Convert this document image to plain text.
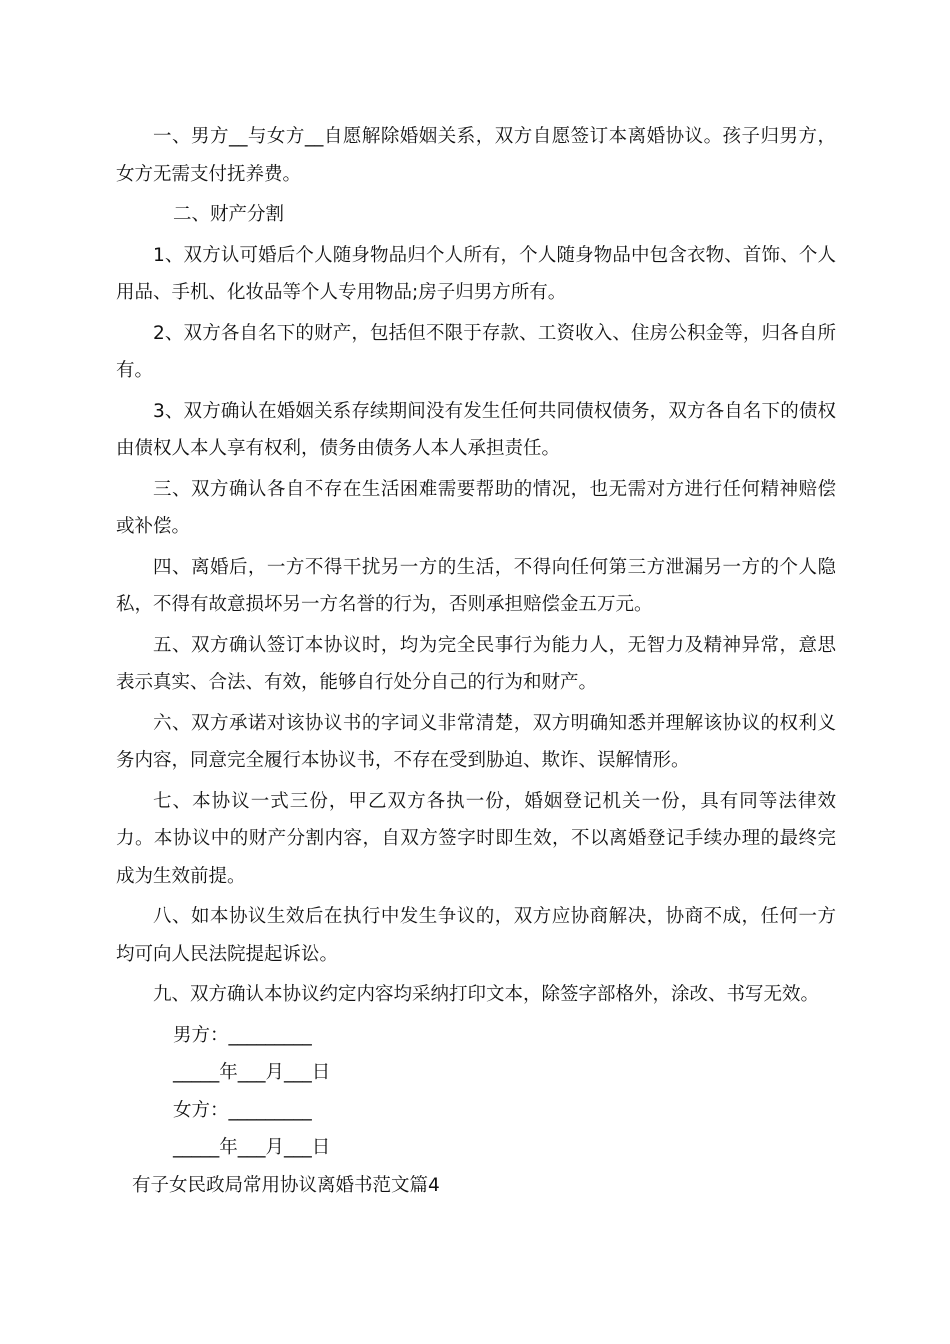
一、男方__与女方__自愿解除婚姻关系，双方自愿签订本离婚协议。孩子归男方，女方无需支付抚养费。

二、财产分割

1、双方认可婚后个人随身物品归个人所有，个人随身物品中包含衣物、首饰、个人用品、手机、化妆品等个人专用物品;房子归男方所有。

2、双方各自名下的财产，包括但不限于存款、工资收入、住房公积金等，归各自所有。

3、双方确认在婚姻关系存续期间没有发生任何共同债权债务，双方各自名下的债权由债权人本人享有权利，债务由债务人本人承担责任。

三、双方确认各自不存在生活困难需要帮助的情况，也无需对方进行任何精神赔偿或补偿。

四、离婚后，一方不得干扰另一方的生活，不得向任何第三方泄漏另一方的个人隐私，不得有故意损坏另一方名誉的行为，否则承担赔偿金五万元。

五、双方确认签订本协议时，均为完全民事行为能力人，无智力及精神异常，意思表示真实、合法、有效，能够自行处分自己的行为和财产。

六、双方承诺对该协议书的字词义非常清楚，双方明确知悉并理解该协议的权利义务内容，同意完全履行本协议书，不存在受到胁迫、欺诈、误解情形。

七、本协议一式三份，甲乙双方各执一份，婚姻登记机关一份，具有同等法律效力。本协议中的财产分割内容，自双方签字时即生效，不以离婚登记手续办理的最终完成为生效前提。

八、如本协议生效后在执行中发生争议的，双方应协商解决，协商不成，任何一方均可向人民法院提起诉讼。

九、双方确认本协议约定内容均采纳打印文本，除签字部格外，涂改、书写无效。

男方：_________

_____年___月___日

女方：_________

_____年___月___日

有子女民政局常用协议离婚书范文篇4
